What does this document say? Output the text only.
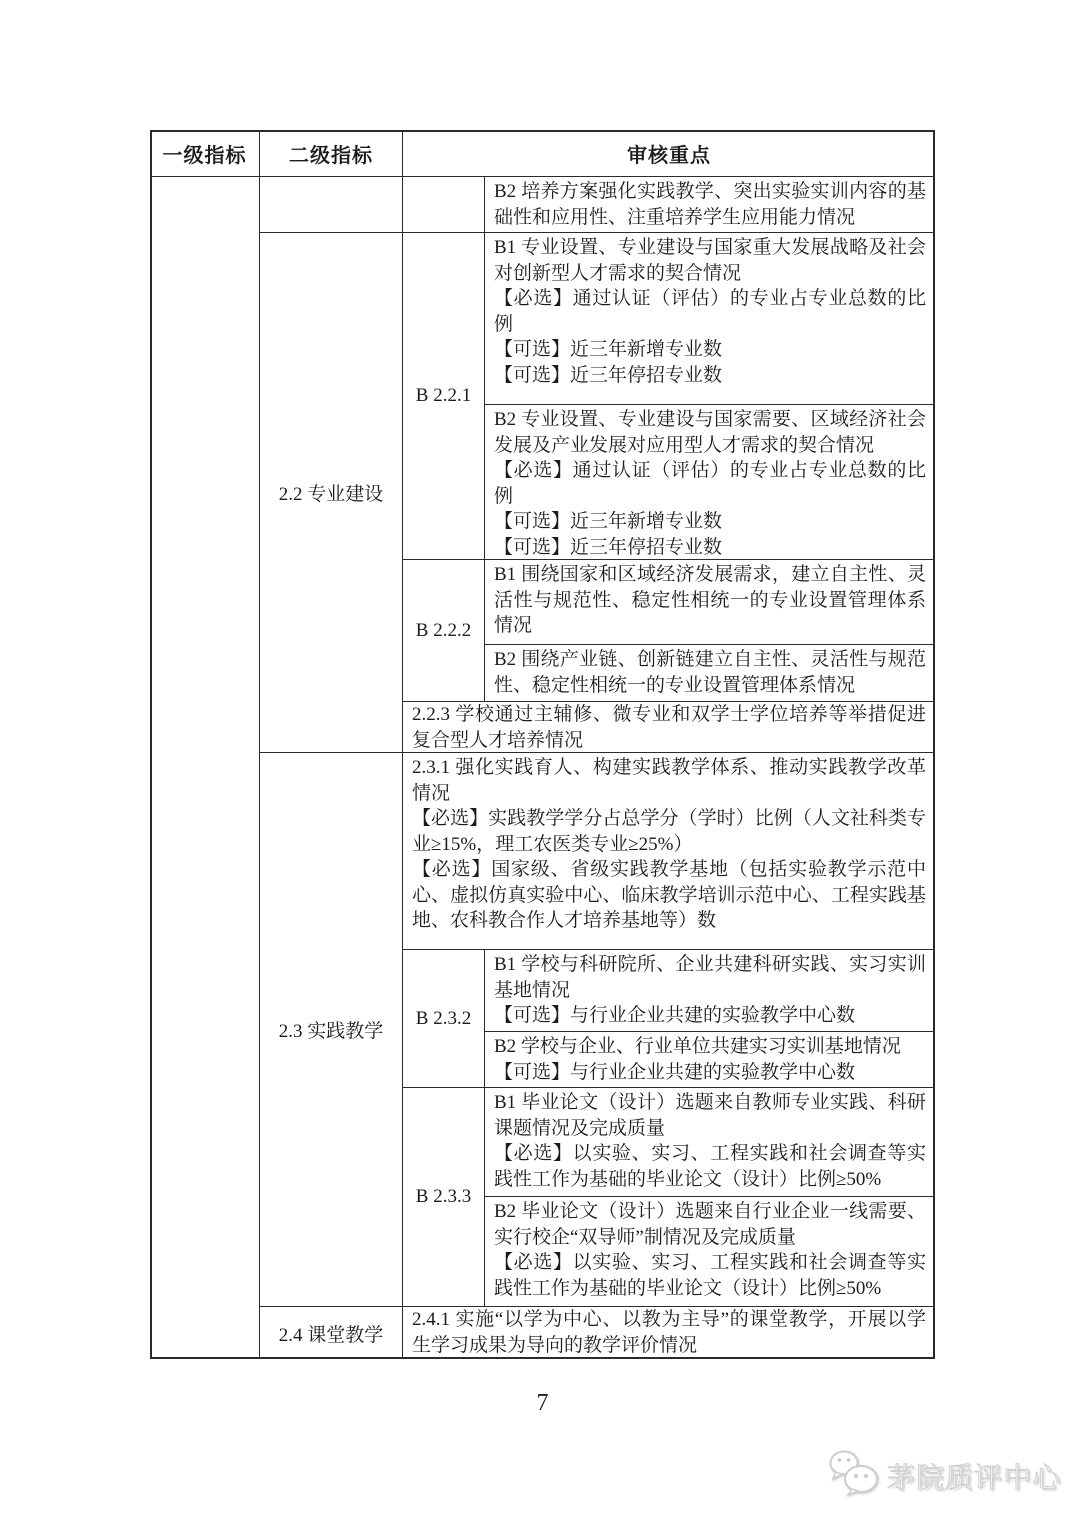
一级指标	二级指标	审核重点
2.2 专业建设
2.3 实践教学
2.4 课堂教学
B2 培养方案强化实践教学、突出实验实训内容的基础性和应用性、注重培养学生应用能力情况
B 2.2.1
B1 专业设置、专业建设与国家重大发展战略及社会对创新型人才需求的契合情况
【必选】通过认证（评估）的专业占专业总数的比例
【可选】近三年新增专业数
【可选】近三年停招专业数
B2 专业设置、专业建设与国家需要、区域经济社会发展及产业发展对应用型人才需求的契合情况
【必选】通过认证（评估）的专业占专业总数的比例
【可选】近三年新增专业数
【可选】近三年停招专业数
B 2.2.2
B1 围绕国家和区域经济发展需求，建立自主性、灵活性与规范性、稳定性相统一的专业设置管理体系情况
B2 围绕产业链、创新链建立自主性、灵活性与规范性、稳定性相统一的专业设置管理体系情况
2.2.3 学校通过主辅修、微专业和双学士学位培养等举措促进复合型人才培养情况
2.3.1 强化实践育人、构建实践教学体系、推动实践教学改革情况
【必选】实践教学学分占总学分（学时）比例（人文社科类专业≥15%，理工农医类专业≥25%）
【必选】国家级、省级实践教学基地（包括实验教学示范中心、虚拟仿真实验中心、临床教学培训示范中心、工程实践基地、农科教合作人才培养基地等）数
B 2.3.2
B1 学校与科研院所、企业共建科研实践、实习实训基地情况
【可选】与行业企业共建的实验教学中心数
B2 学校与企业、行业单位共建实习实训基地情况
【可选】与行业企业共建的实验教学中心数
B 2.3.3
B1 毕业论文（设计）选题来自教师专业实践、科研课题情况及完成质量
【必选】以实验、实习、工程实践和社会调查等实践性工作为基础的毕业论文（设计）比例≥50%
B2 毕业论文（设计）选题来自行业企业一线需要、实行校企“双导师”制情况及完成质量
【必选】以实验、实习、工程实践和社会调查等实践性工作为基础的毕业论文（设计）比例≥50%
2.4.1 实施“以学为中心、以教为主导”的课堂教学，开展以学生学习成果为导向的教学评价情况
7
茅院质评中心
